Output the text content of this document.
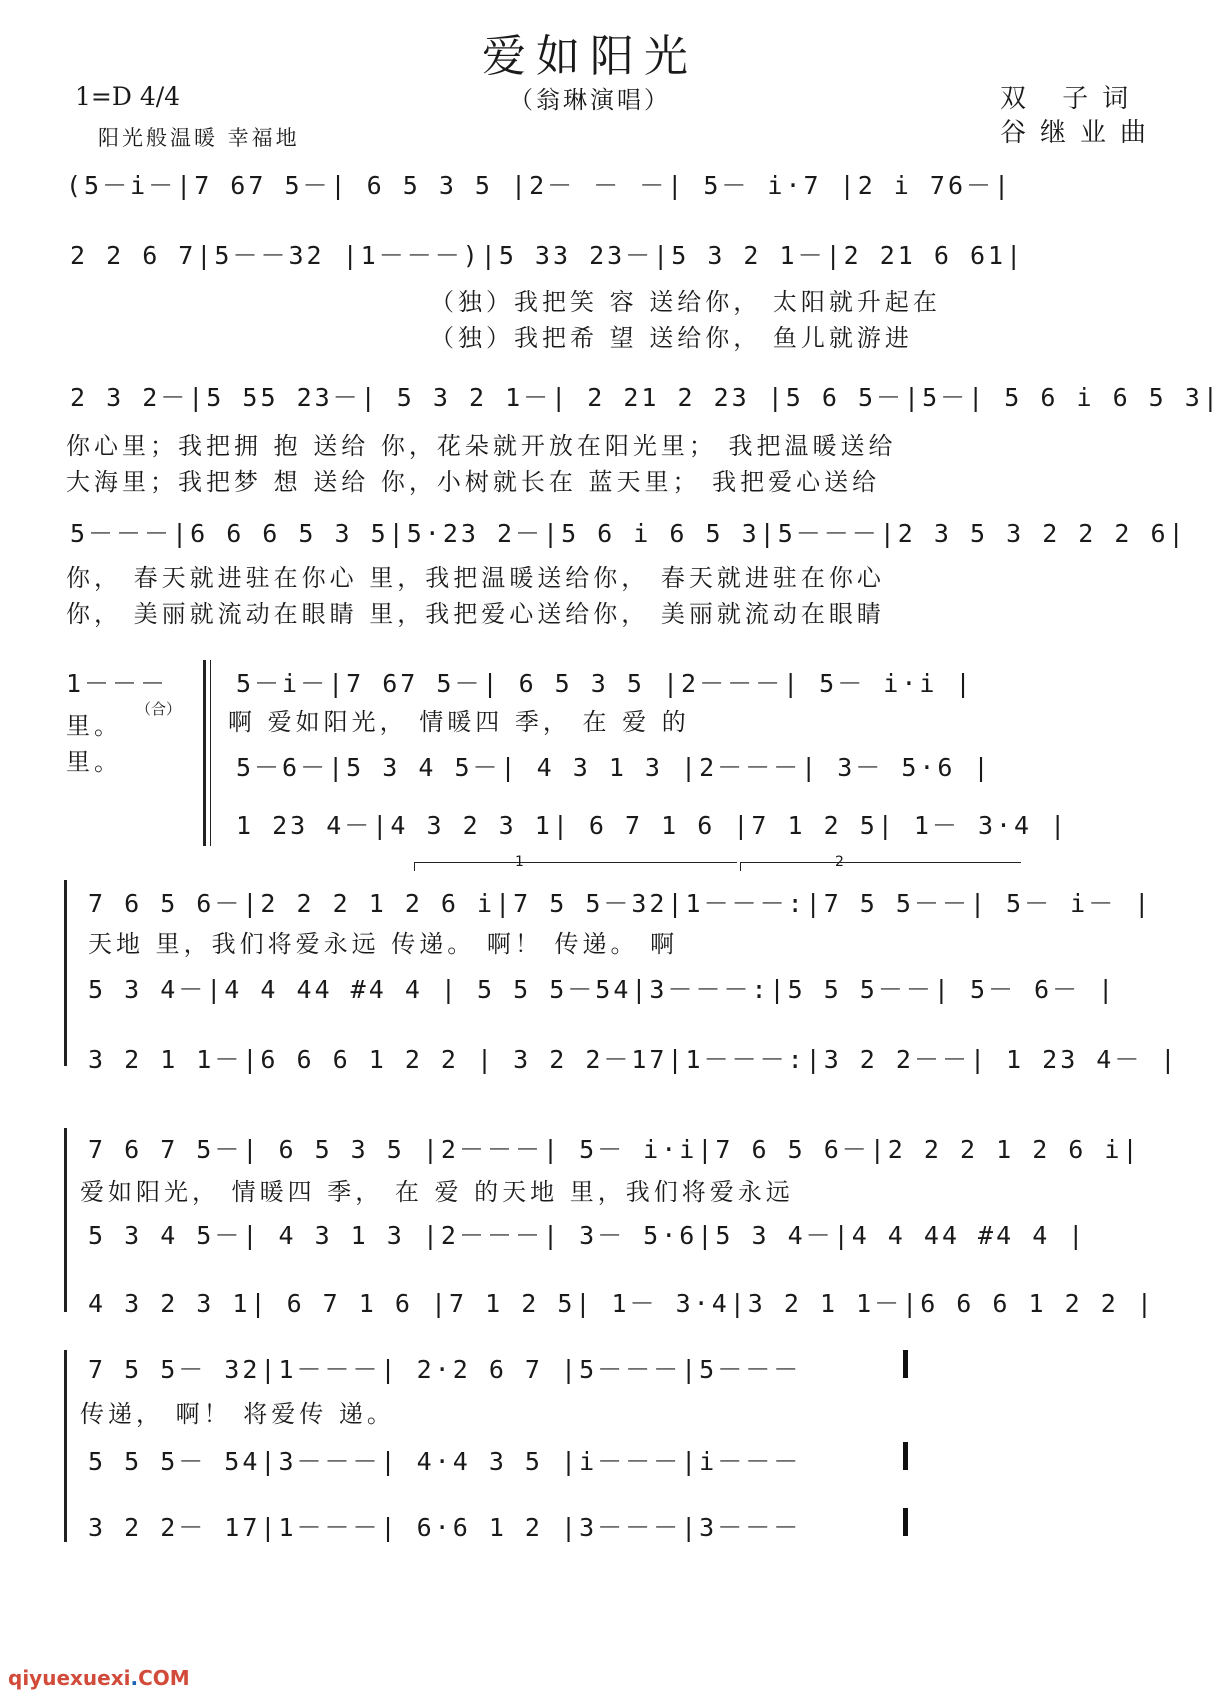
爱如阳光
（翁琳演唱）
1=D 4/4
阳光般温暖 幸福地
双 子词
谷继业曲
(5－i－|7 67 5－| 6 5 3 5 |2－ － －| 5－ i·7 |2 i 76－|
2 2 6 7|5－－32 |1－－－)|5 33 23－|5 3 2 1－|2 21 6 61|
（独）我把笑 容 送给你， 太阳就升起在
（独）我把希 望 送给你， 鱼儿就游进
2 3 2－|5 55 23－| 5 3 2 1－| 2 21 2 23 |5 6 5－|5－| 5 6 i 6 5 3|
你心里；我把拥 抱 送给 你，花朵就开放在阳光里； 我把温暖送给
大海里；我把梦 想 送给 你，小树就长在 蓝天里； 我把爱心送给
5－－－|6 6 6 5 3 5|5·23 2－|5 6 i 6 5 3|5－－－|2 3 5 3 2 2 2 6|
你， 春天就进驻在你心 里，我把温暖送给你， 春天就进驻在你心
你， 美丽就流动在眼睛 里，我把爱心送给你， 美丽就流动在眼睛
1－－－
里。
里。
（合）
5－i－|7 67 5－| 6 5 3 5 |2－－－| 5－ i·i |
啊 爱如阳光， 情暖四 季， 在 爱 的
5－6－|5 3 4 5－| 4 3 1 3 |2－－－| 3－ 5·6 |
1 23 4－|4 3 2 3 1| 6 7 1 6 |7 1 2 5| 1－ 3·4 |
1	2
7 6 5 6－|2 2 2 1 2 6 i|7 5 5－32|1－－－:|7 5 5－－| 5－ i－ |
天地 里，我们将爱永远 传递。 啊！ 传递。 啊
5 3 4－|4 4 44 #4 4 | 5 5 5－54|3－－－:|5 5 5－－| 5－ 6－ |
3 2 1 1－|6 6 6 1 2 2 | 3 2 2－17|1－－－:|3 2 2－－| 1 23 4－ |
7 6 7 5－| 6 5 3 5 |2－－－| 5－ i·i|7 6 5 6－|2 2 2 1 2 6 i|
爱如阳光， 情暖四 季， 在 爱 的天地 里，我们将爱永远
5 3 4 5－| 4 3 1 3 |2－－－| 3－ 5·6|5 3 4－|4 4 44 #4 4 |
4 3 2 3 1| 6 7 1 6 |7 1 2 5| 1－ 3·4|3 2 1 1－|6 6 6 1 2 2 |
7 5 5－ 32|1－－－| 2·2 6 7 |5－－－|5－－－
传递， 啊！ 将爱传 递。
5 5 5－ 54|3－－－| 4·4 3 5 |i－－－|i－－－
3 2 2－ 17|1－－－| 6·6 1 2 |3－－－|3－－－
qiyuexuexi.COM
